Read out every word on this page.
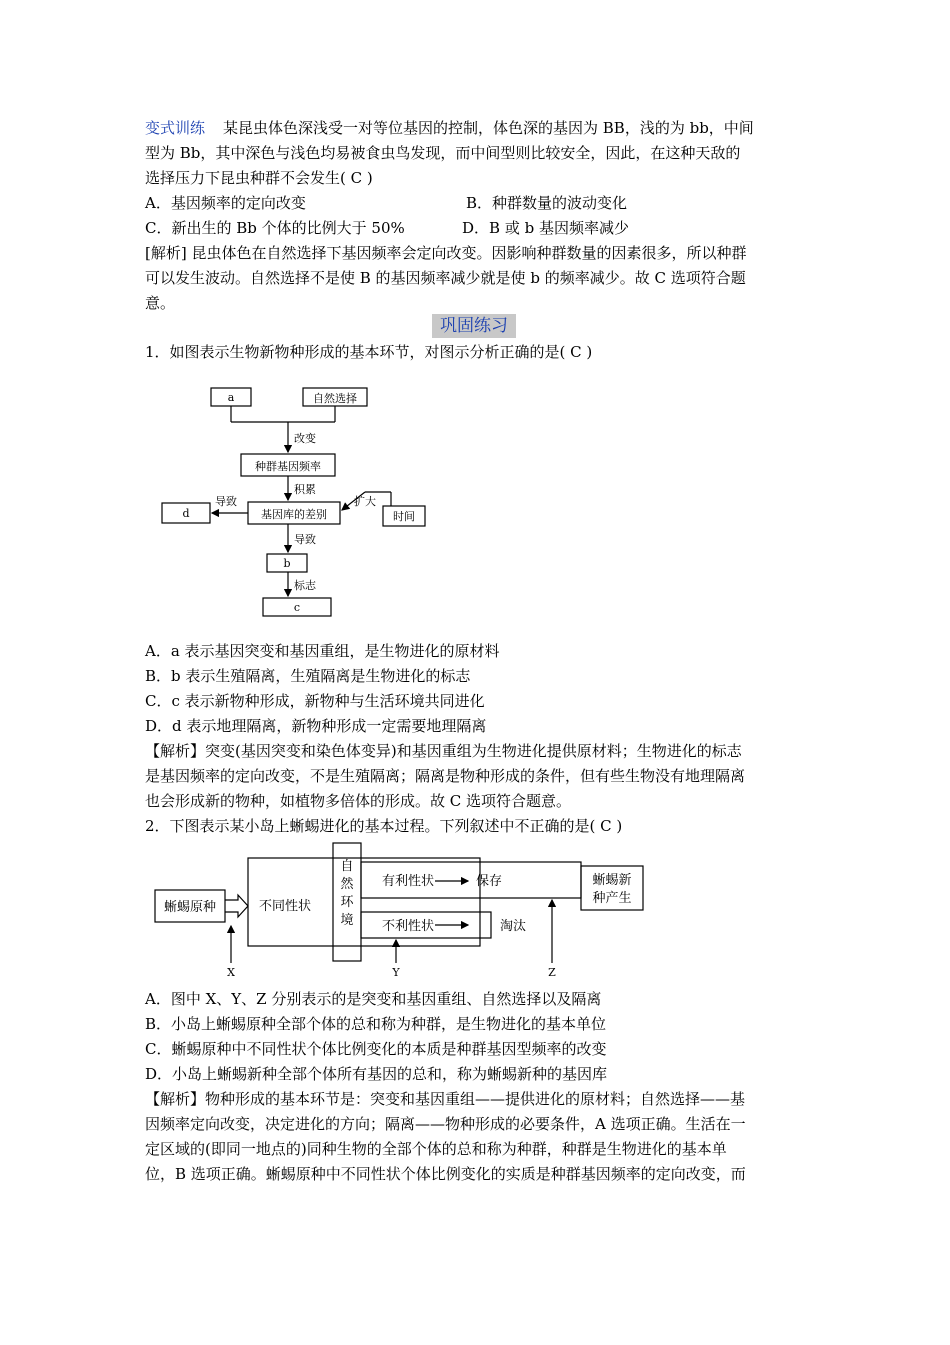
变式训练 某昆虫体色深浅受一对等位基因的控制，体色深的基因为 BB，浅的为 bb，中间
型为 Bb，其中深色与浅色均易被食虫鸟发现，而中间型则比较安全，因此，在这种天敌的
选择压力下昆虫种群不会发生( C )
A．基因频率的定向改变	B．种群数量的波动变化
C．新出生的 Bb 个体的比例大于 50%	D．B 或 b 基因频率减少
[解析] 昆虫体色在自然选择下基因频率会定向改变。因影响种群数量的因素很多，所以种群
可以发生波动。自然选择不是使 B 的基因频率减少就是使 b 的频率减少。故 C 选项符合题
意。
巩固练习
1．如图表示生物新物种形成的基本环节，对图示分析正确的是( C )
a	自然选择
改变
种群基因频率
积累
基因库的差别
d
导致
时间
扩大
导致
b
标志
c
A．a 表示基因突变和基因重组，是生物进化的原材料
B．b 表示生殖隔离，生殖隔离是生物进化的标志
C．c 表示新物种形成，新物种与生活环境共同进化
D．d 表示地理隔离，新物种形成一定需要地理隔离
【解析】突变(基因突变和染色体变异)和基因重组为生物进化提供原材料；生物进化的标志
是基因频率的定向改变，不是生殖隔离；隔离是物种形成的条件，但有些生物没有地理隔离
也会形成新的物种，如植物多倍体的形成。故 C 选项符合题意。
2．下图表示某小岛上蜥蜴进化的基本过程。下列叙述中不正确的是( C )
蜥蜴原种	不同性状
有利性状	保存
不利性状	淘汰
X	Y	Z
自
然
环
境
蜥蜴新
种产生
A．图中 X、Y、Z 分别表示的是突变和基因重组、自然选择以及隔离
B．小岛上蜥蜴原种全部个体的总和称为种群，是生物进化的基本单位
C．蜥蜴原种中不同性状个体比例变化的本质是种群基因型频率的改变
D．小岛上蜥蜴新种全部个体所有基因的总和，称为蜥蜴新种的基因库
【解析】物种形成的基本环节是：突变和基因重组——提供进化的原材料；自然选择——基
因频率定向改变，决定进化的方向；隔离——物种形成的必要条件，A 选项正确。生活在一
定区域的(即同一地点的)同种生物的全部个体的总和称为种群，种群是生物进化的基本单
位，B 选项正确。蜥蜴原种中不同性状个体比例变化的实质是种群基因频率的定向改变，而
